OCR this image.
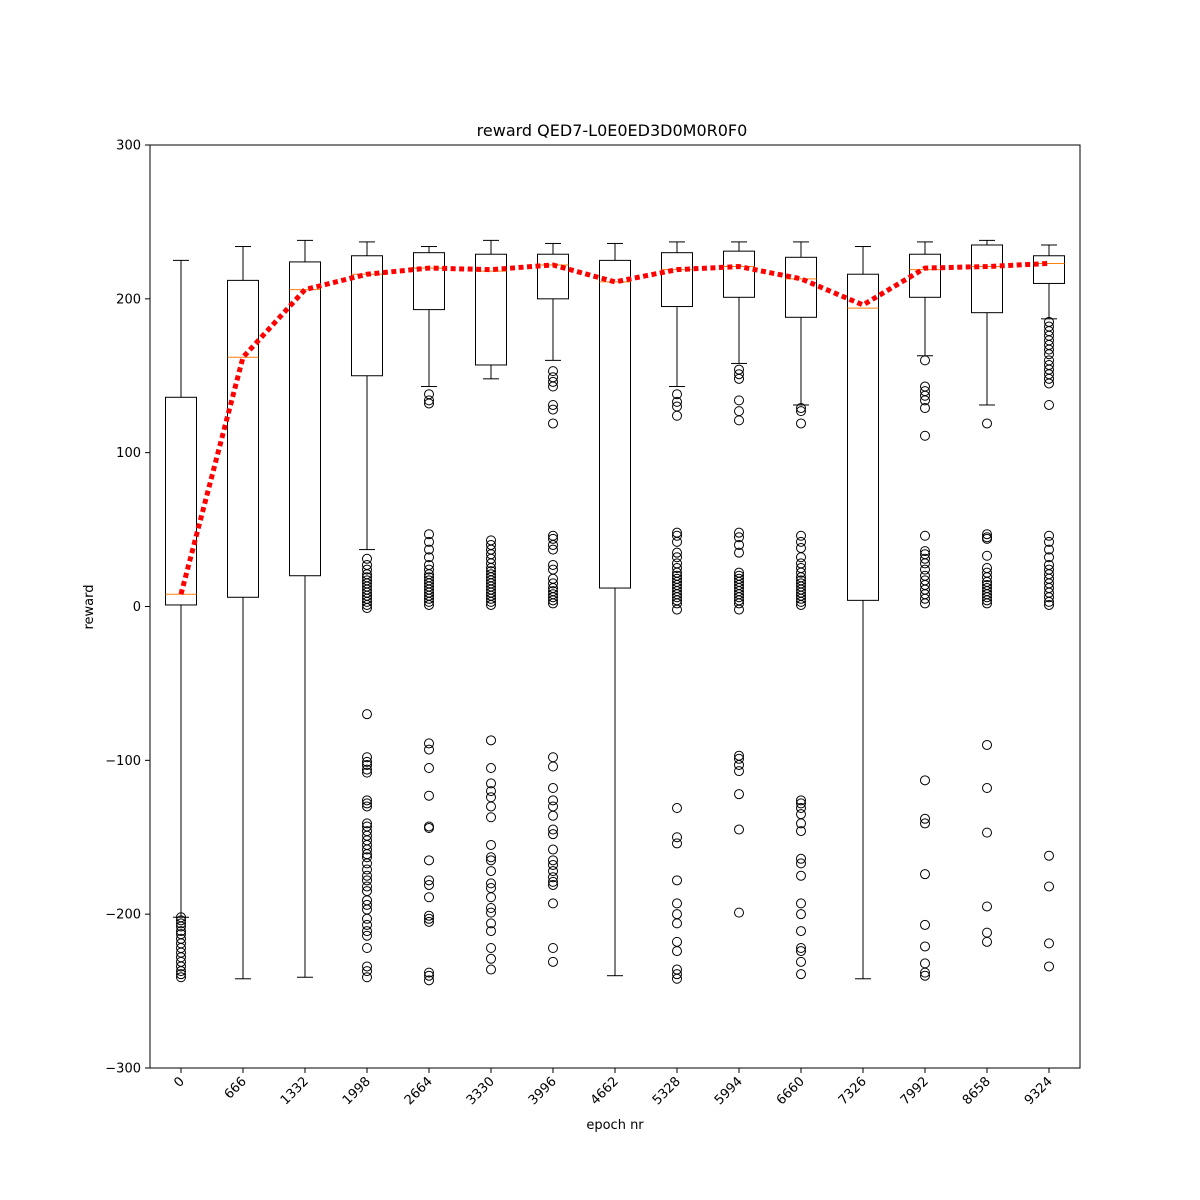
−300
−200
−100
0
100
200
300
0	666 1332 1998 2664 3330 3996 4662 5328 5994 6660 7326 7992 8658 9324
reward QED7-L0E0ED3D0M0R0F0
epoch nr
reward
